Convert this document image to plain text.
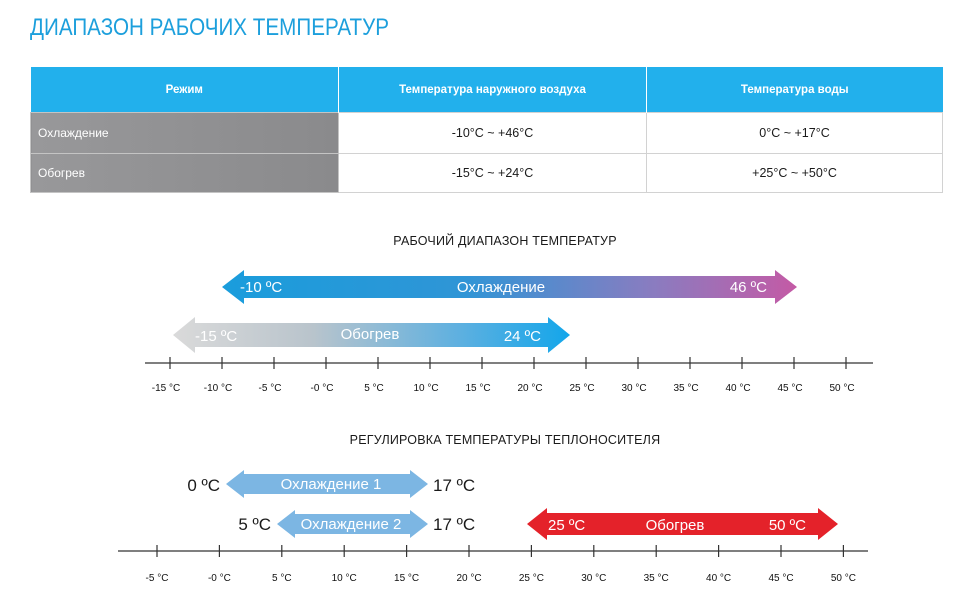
ДИАПАЗОН РАБОЧИХ ТЕМПЕРАТУР
РАБОЧИЙ ДИАПАЗОН ТЕМПЕРАТУР
-10 ºC	Охлаждение	46 ºC
-15 ºC	Обогрев	24 ºC
-15 °C -10 °C	-5 °C	-0 °C	5 °C	10 °C	15 °C	20 °C	25 °C	30 °C	35 °C	40 °C	45 °C	50 °C
РЕГУЛИРОВКА ТЕМПЕРАТУРЫ ТЕПЛОНОСИТЕЛЯ
Охлаждение 1
0 ºC	17 ºC
Охлаждение 2
5 ºC	17 ºC	25 ºC	Обогрев	50 ºC
-5 °C	-0 °C	5 °C	10 °C	15 °C	20 °C	25 °C	30 °C	35 °C	40 °C	45 °C	50 °C
Режим	Температура наружного воздуха	Температура воды
Охлаждение	-10°C ~ +46°C	0°C ~ +17°C
Обогрев	-15°C ~ +24°C	+25°C ~ +50°C
